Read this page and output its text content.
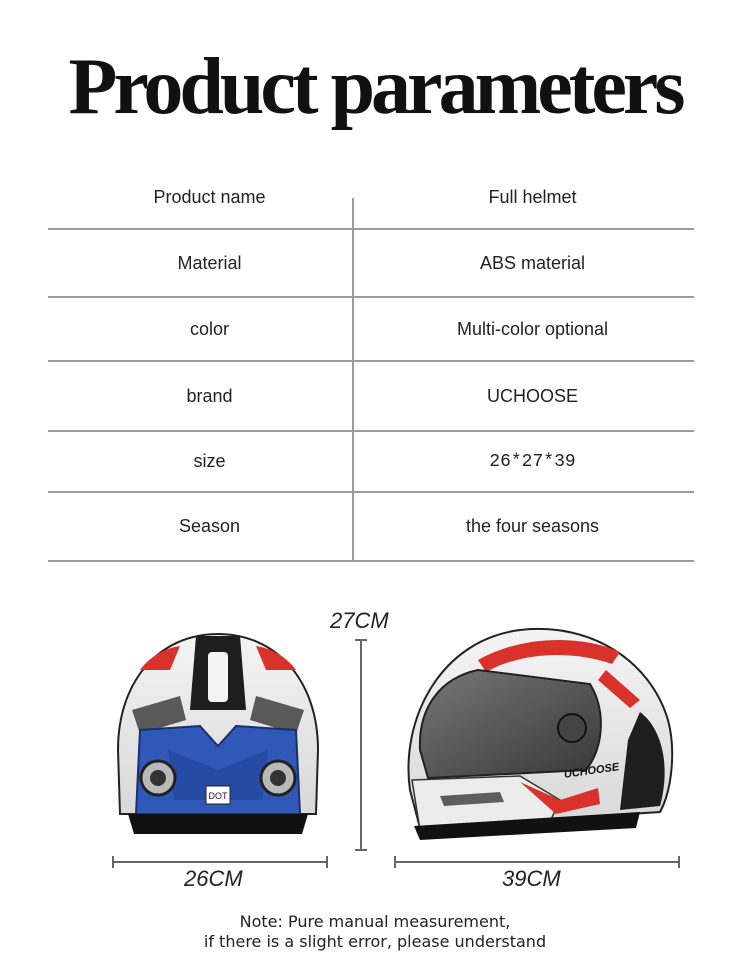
Product parameters
Product name	Full helmet
Material	ABS material
color	Multi-color optional
brand	UCHOOSE
size	26*27*39
Season	the four seasons
DOT
UCHOOSE
27CM
26CM	39CM
Note: Pure manual measurement,
if there is a slight error, please understand
